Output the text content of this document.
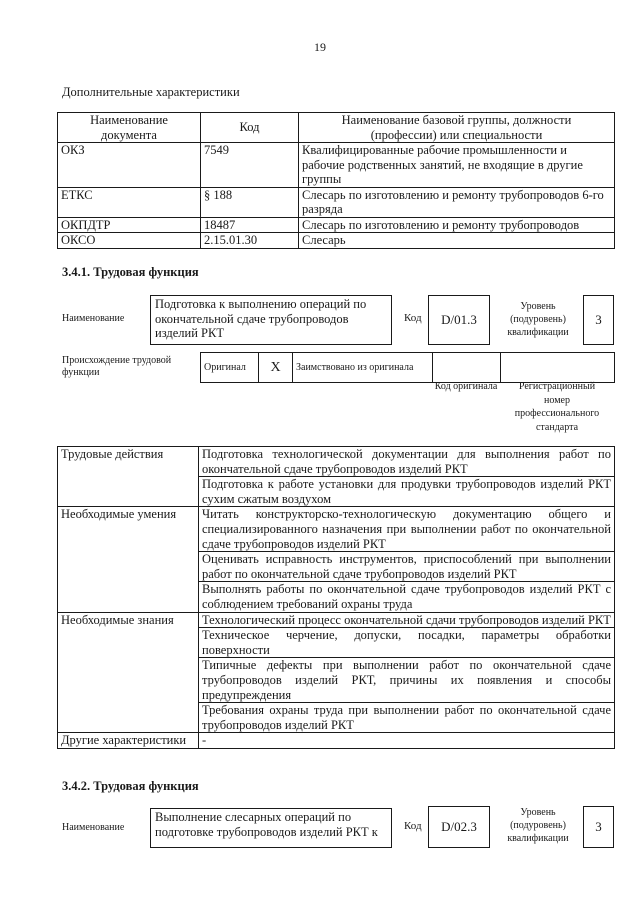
19
Дополнительные характеристики
Наименование документа	Код	Наименование базовой группы, должности (профессии) или специальности
ОКЗ	7549	Квалифицированные рабочие промышленности и рабочие родственных занятий, не входящие в другие группы
ЕТКС	§ 188	Слесарь по изготовлению и ремонту трубопроводов 6-го разряда
ОКПДТР	18487	Слесарь по изготовлению и ремонту трубопроводов
ОКСО	2.15.01.30	Слесарь
3.4.1. Трудовая функция
Наименование
Подготовка к выполнению операций по окончательной сдаче трубопроводов изделий РКТ
Код	D/01.3
Уровень (подуровень) квалификации
3
Происхождение трудовой функции	Оригинал	X	Заимствовано из оригинала		
Код оригинала	Регистрационный номер профессионального стандарта
Трудовые действия	Подготовка технологической документации для выполнения работ по окончательной сдаче трубопроводов изделий РКТ
	Подготовка к работе установки для продувки трубопроводов изделий РКТ сухим сжатым воздухом
Необходимые умения	Читать конструкторско-технологическую документацию общего и специализированного назначения при выполнении работ по окончательной сдаче трубопроводов изделий РКТ
	Оценивать исправность инструментов, приспособлений при выполнении работ по окончательной сдаче трубопроводов изделий РКТ
	Выполнять работы по окончательной сдаче трубопроводов изделий РКТ с соблюдением требований охраны труда
Необходимые знания	Технологический процесс окончательной сдачи трубопроводов изделий РКТ
	Техническое черчение, допуски, посадки, параметры обработки поверхности
	Типичные дефекты при выполнении работ по окончательной сдаче трубопроводов изделий РКТ, причины их появления и способы предупреждения
	Требования охраны труда при выполнении работ по окончательной сдаче трубопроводов изделий РКТ
Другие характеристики	-
3.4.2. Трудовая функция
Наименование
Выполнение слесарных операций по подготовке трубопроводов изделий РКТ к	Код	D/02.3
Уровень (подуровень) квалификации
3
